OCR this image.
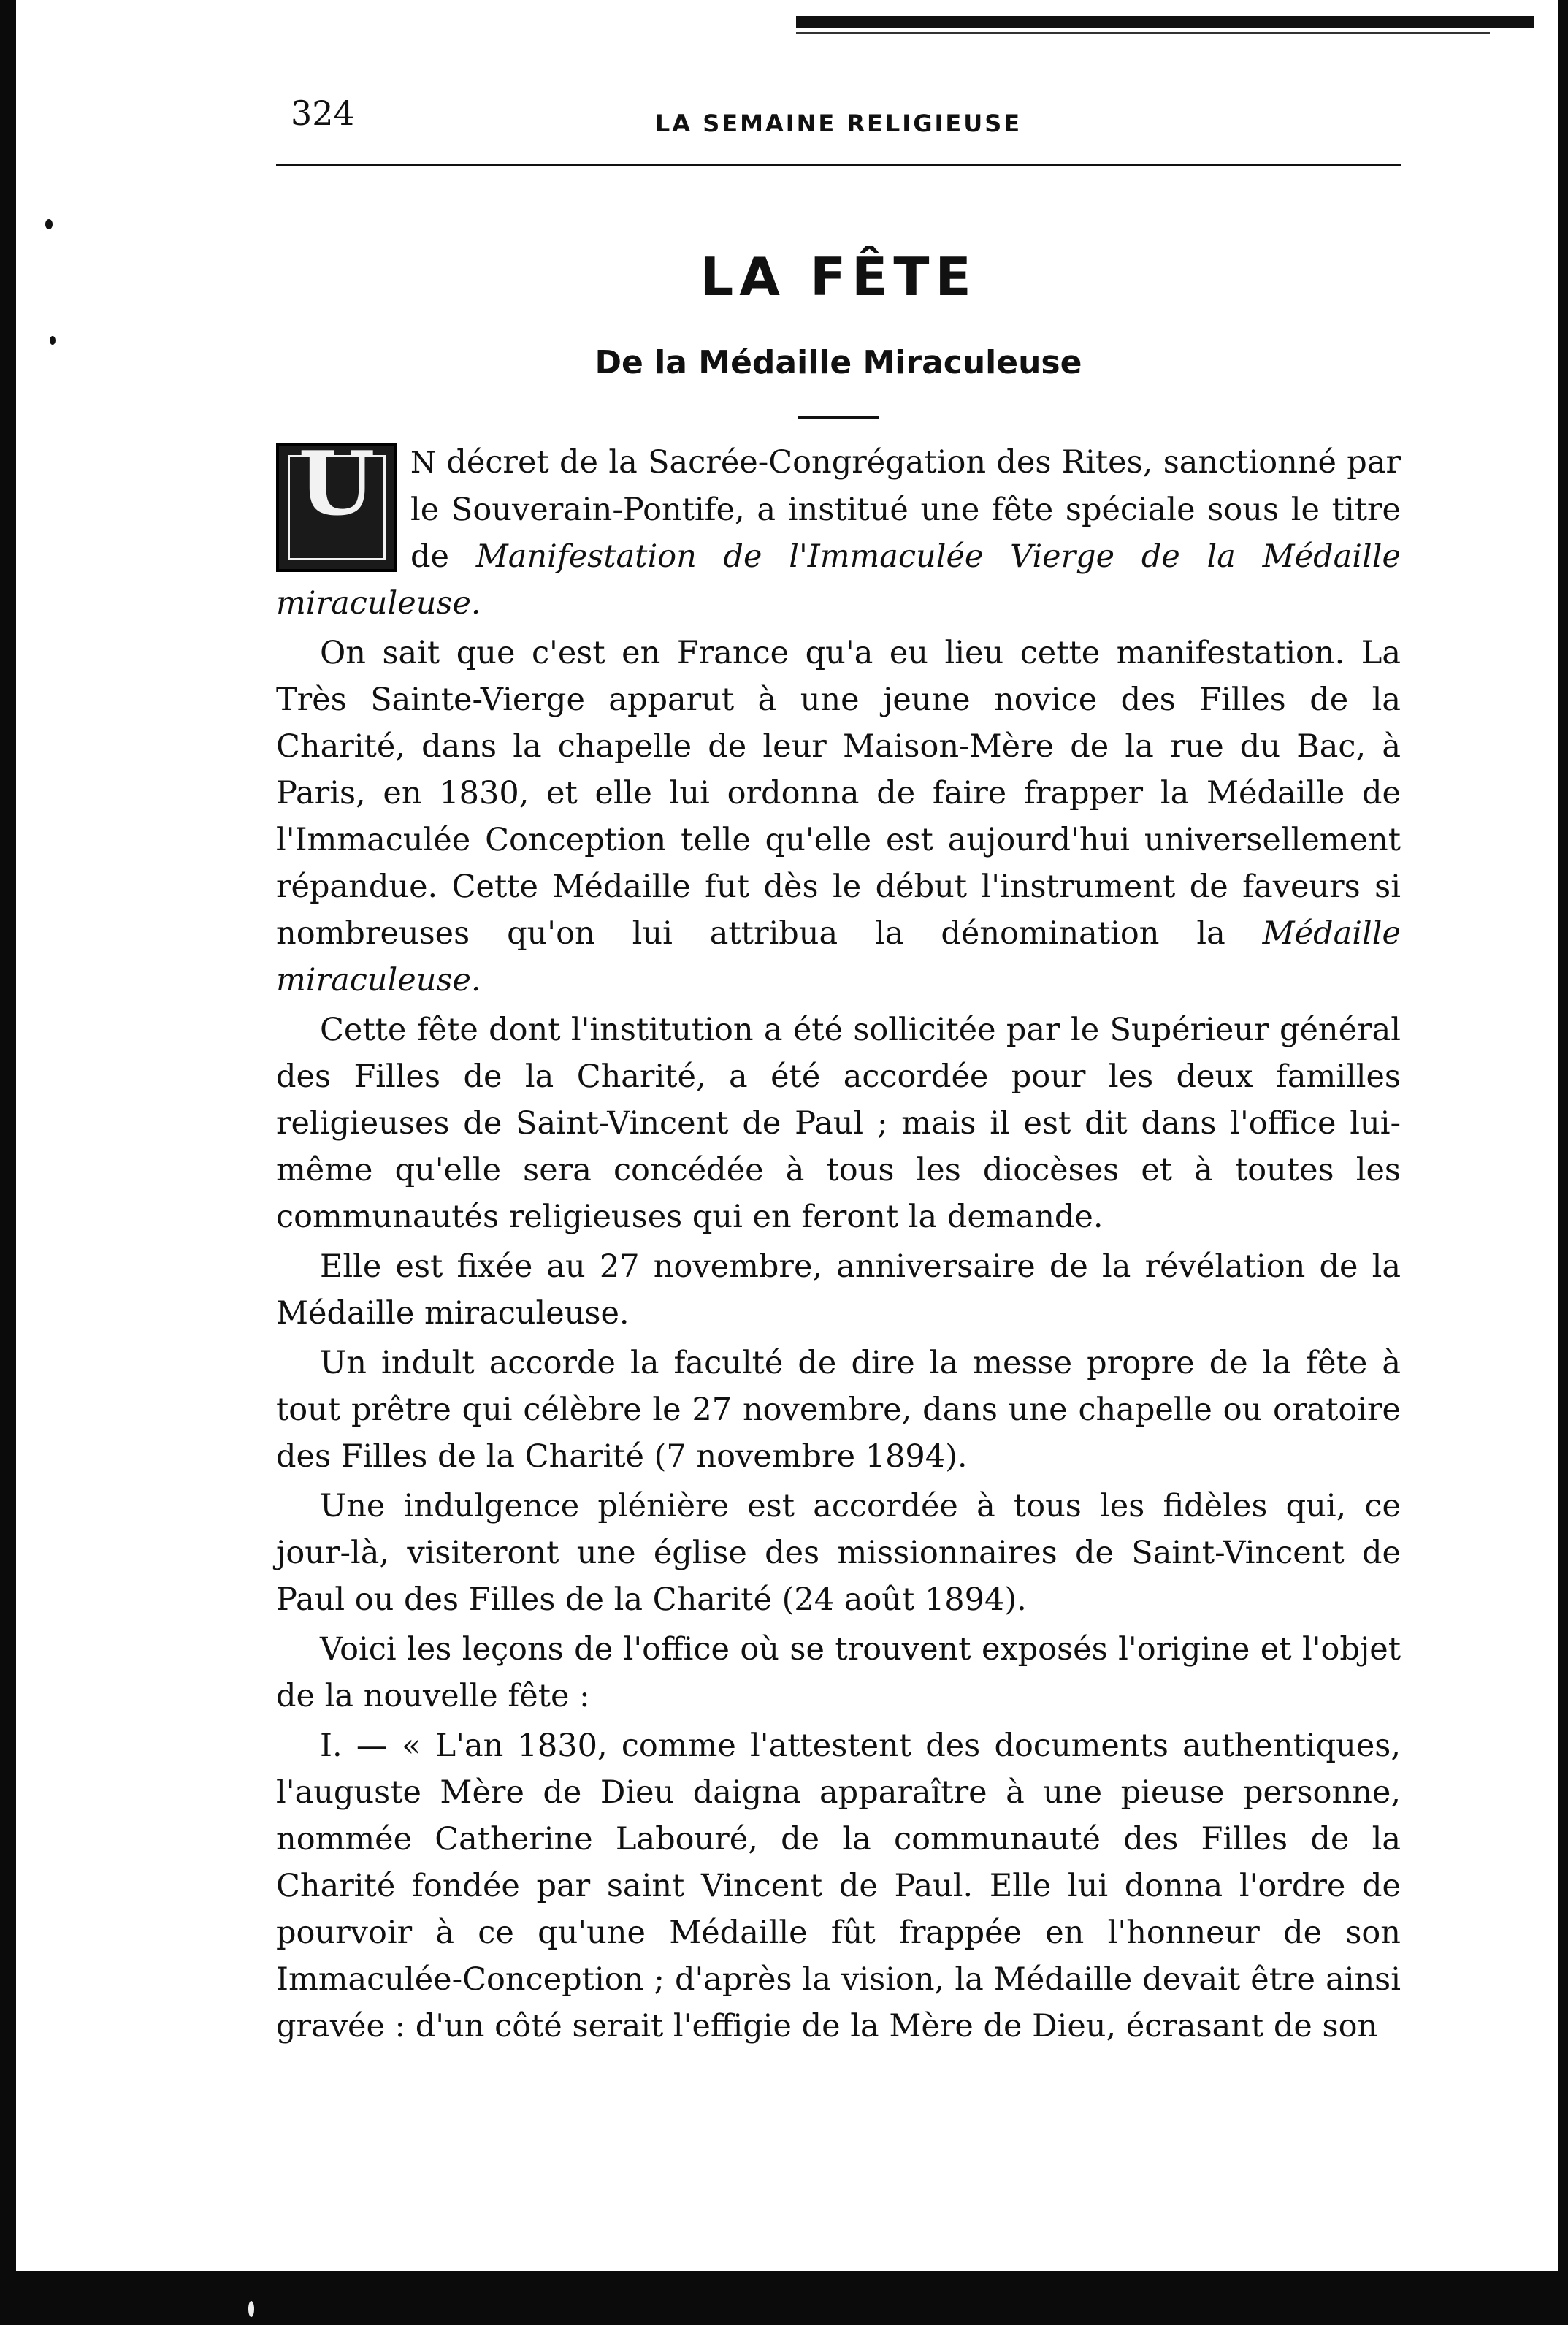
324	LA SEMAINE RELIGIEUSE
LA FÊTE
De la Médaille Miraculeuse

U	N décret de la Sacrée-Congrégation des Rites, sanctionné par le Souverain-Pontife, a institué une fête spéciale sous le titre de Manifestation de l'Immaculée Vierge de la Médaille miraculeuse.

On sait que c'est en France qu'a eu lieu cette manifestation. La Très Sainte-Vierge apparut à une jeune novice des Filles de la Charité, dans la chapelle de leur Maison-Mère de la rue du Bac, à Paris, en 1830, et elle lui ordonna de faire frapper la Médaille de l'Immaculée Conception telle qu'elle est aujourd'hui universellement répandue. Cette Médaille fut dès le début l'instrument de faveurs si nombreuses qu'on lui attribua la dénomination la Médaille miraculeuse.

Cette fête dont l'institution a été sollicitée par le Supérieur général des Filles de la Charité, a été accordée pour les deux familles religieuses de Saint-Vincent de Paul ; mais il est dit dans l'office lui-même qu'elle sera concédée à tous les diocèses et à toutes les communautés religieuses qui en feront la demande.

Elle est fixée au 27 novembre, anniversaire de la révélation de la Médaille miraculeuse.

Un indult accorde la faculté de dire la messe propre de la fête à tout prêtre qui célèbre le 27 novembre, dans une chapelle ou oratoire des Filles de la Charité (7 novembre 1894).

Une indulgence plénière est accordée à tous les fidèles qui, ce jour-là, visiteront une église des missionnaires de Saint-Vincent de Paul ou des Filles de la Charité (24 août 1894).

Voici les leçons de l'office où se trouvent exposés l'origine et l'objet de la nouvelle fête :

I. — « L'an 1830, comme l'attestent des documents authentiques, l'auguste Mère de Dieu daigna apparaître à une pieuse personne, nommée Catherine Labouré, de la communauté des Filles de la Charité fondée par saint Vincent de Paul. Elle lui donna l'ordre de pourvoir à ce qu'une Médaille fût frappée en l'honneur de son Immaculée-Conception ; d'après la vision, la Médaille devait être ainsi gravée : d'un côté serait l'effigie de la Mère de Dieu, écrasant de son
